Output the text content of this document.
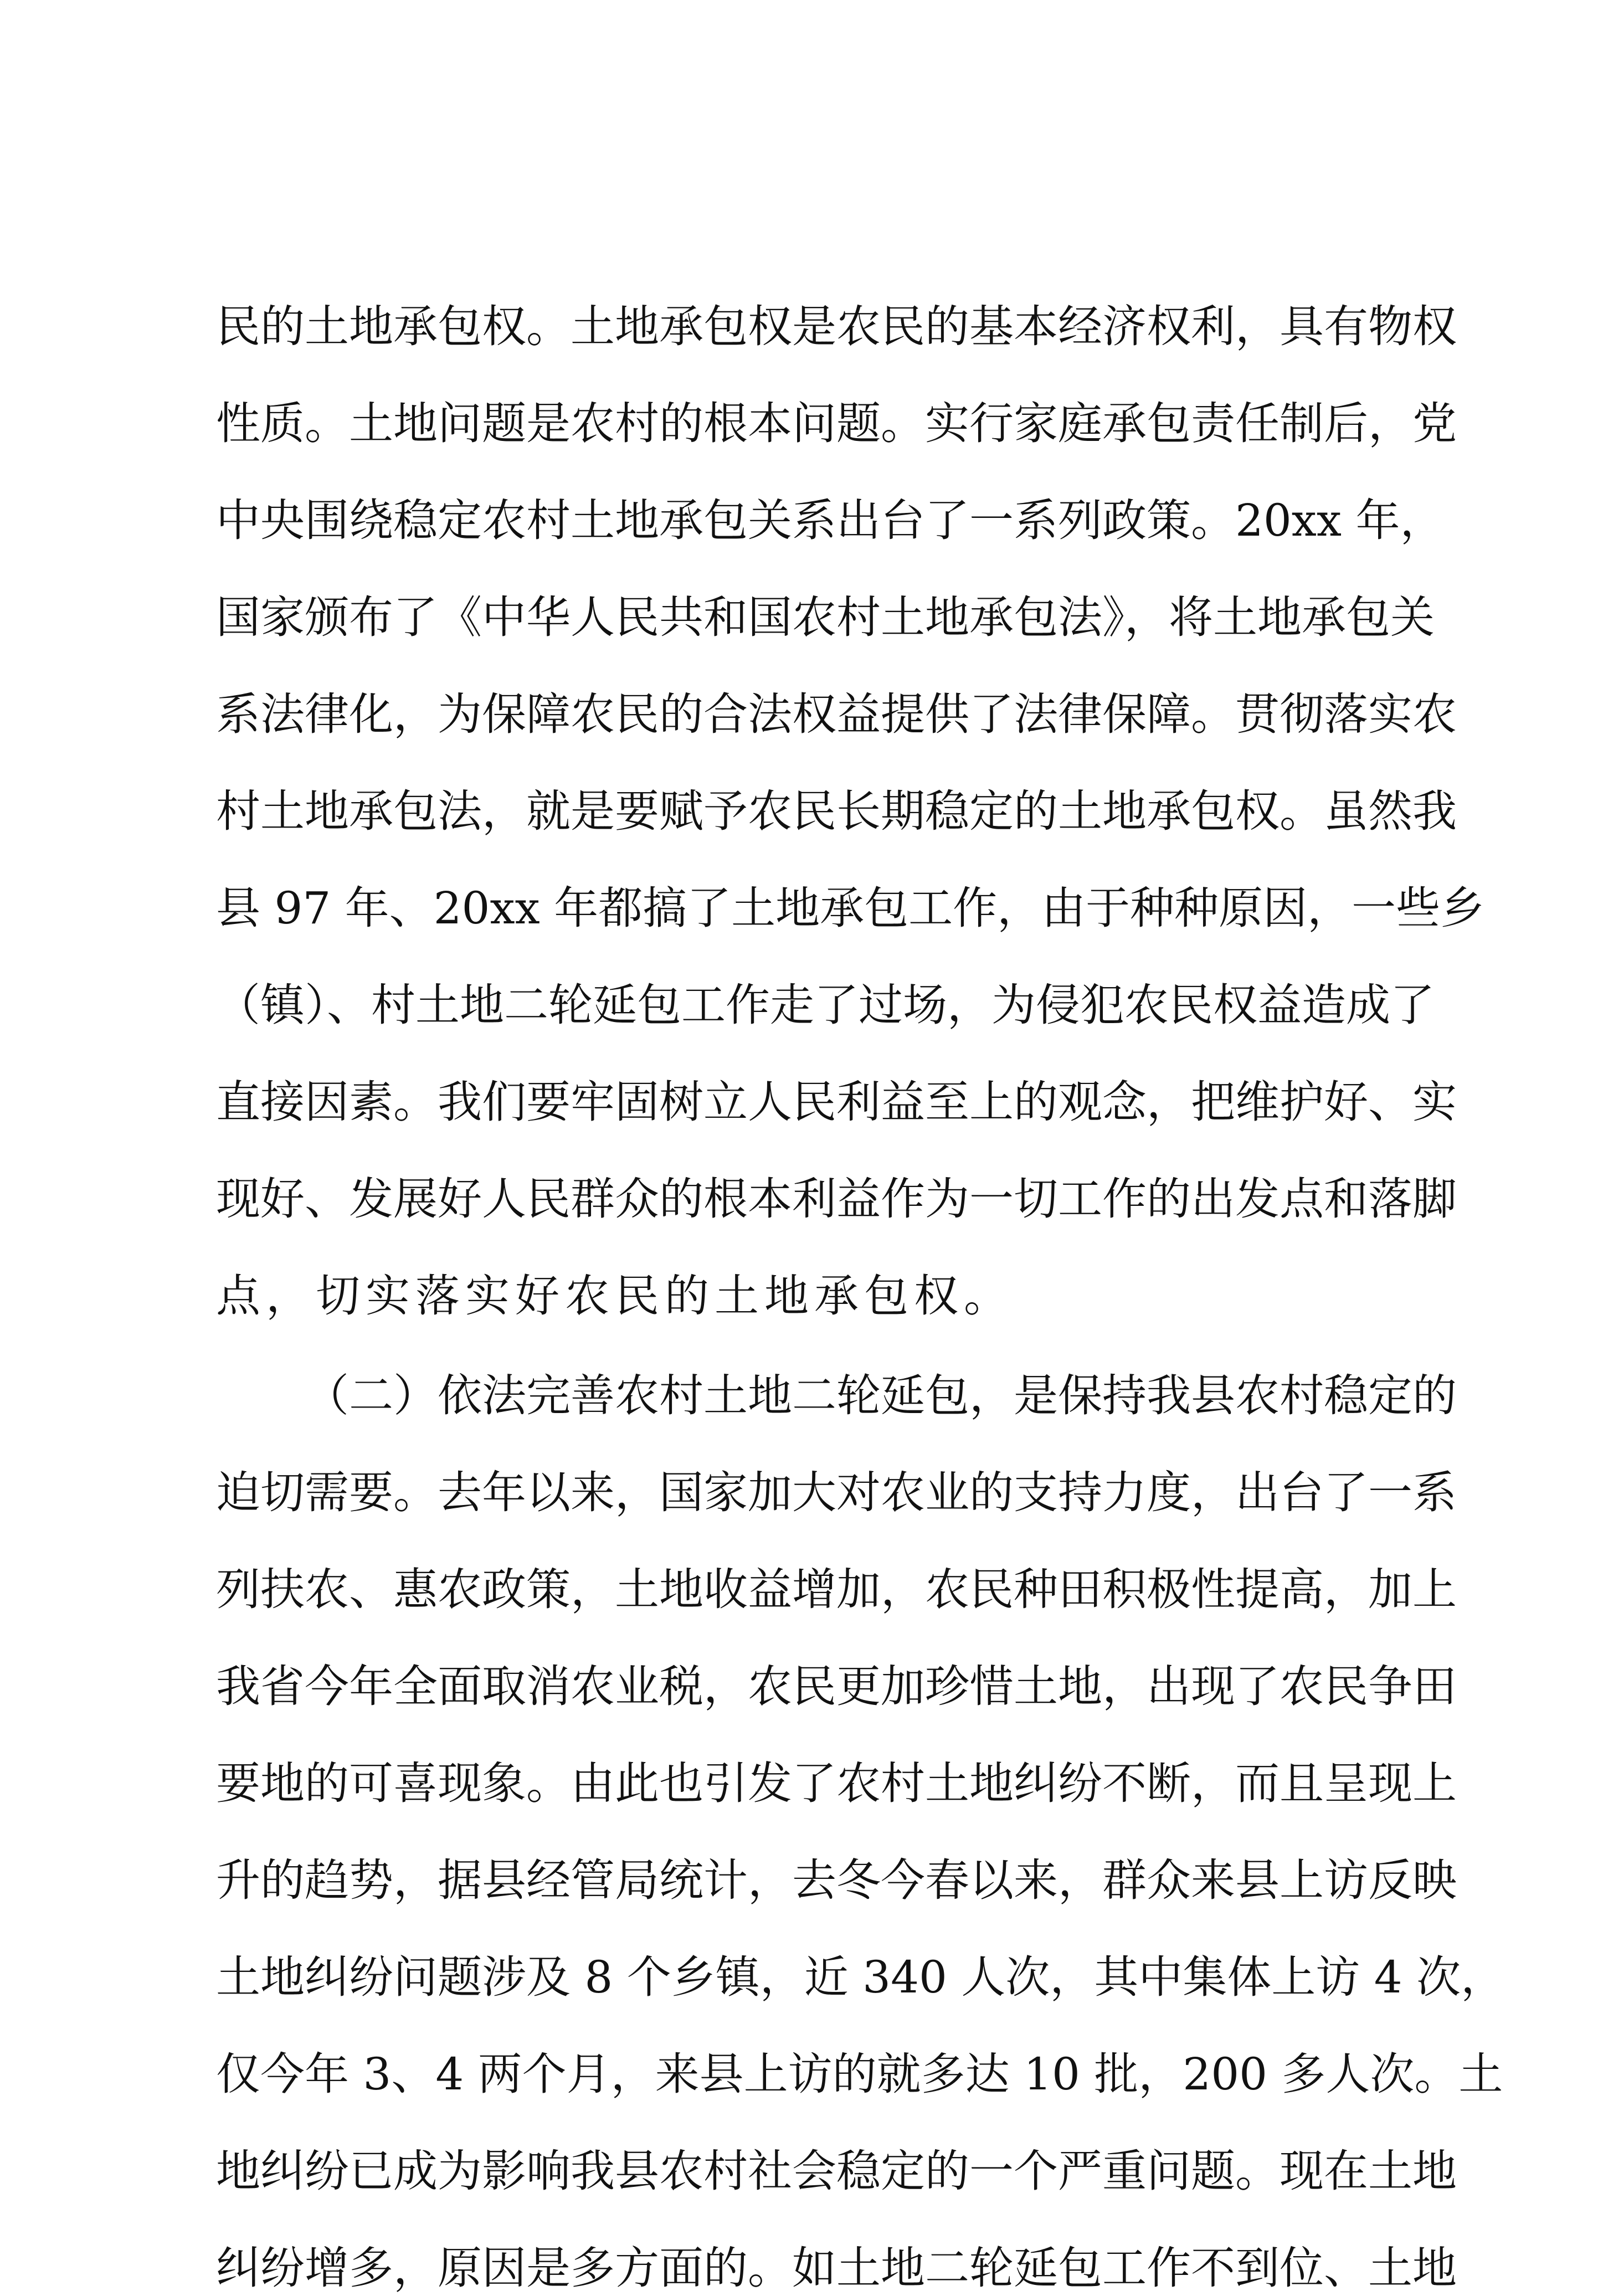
民的土地承包权。土地承包权是农民的基本经济权利，具有物权
性质。土地问题是农村的根本问题。实行家庭承包责任制后，党
中央围绕稳定农村土地承包关系出台了一系列政策。20xx 年，
国家颁布了《中华人民共和国农村土地承包法》，将土地承包关
系法律化，为保障农民的合法权益提供了法律保障。贯彻落实农
村土地承包法，就是要赋予农民长期稳定的土地承包权。虽然我
县 97 年、20xx 年都搞了土地承包工作，由于种种原因，一些乡
（镇）、村土地二轮延包工作走了过场，为侵犯农民权益造成了
直接因素。我们要牢固树立人民利益至上的观念，把维护好、实
现好、发展好人民群众的根本利益作为一切工作的出发点和落脚
点，切实落实好农民的土地承包权。
（二）依法完善农村土地二轮延包，是保持我县农村稳定的
迫切需要。去年以来，国家加大对农业的支持力度，出台了一系
列扶农、惠农政策，土地收益增加，农民种田积极性提高，加上
我省今年全面取消农业税，农民更加珍惜土地，出现了农民争田
要地的可喜现象。由此也引发了农村土地纠纷不断，而且呈现上
升的趋势，据县经管局统计，去冬今春以来，群众来县上访反映
土地纠纷问题涉及 8 个乡镇，近 340 人次，其中集体上访 4 次，
仅今年 3、4 两个月，来县上访的就多达 10 批，200 多人次。土
地纠纷已成为影响我县农村社会稳定的一个严重问题。现在土地
纠纷增多，原因是多方面的。如土地二轮延包工作不到位、土地
